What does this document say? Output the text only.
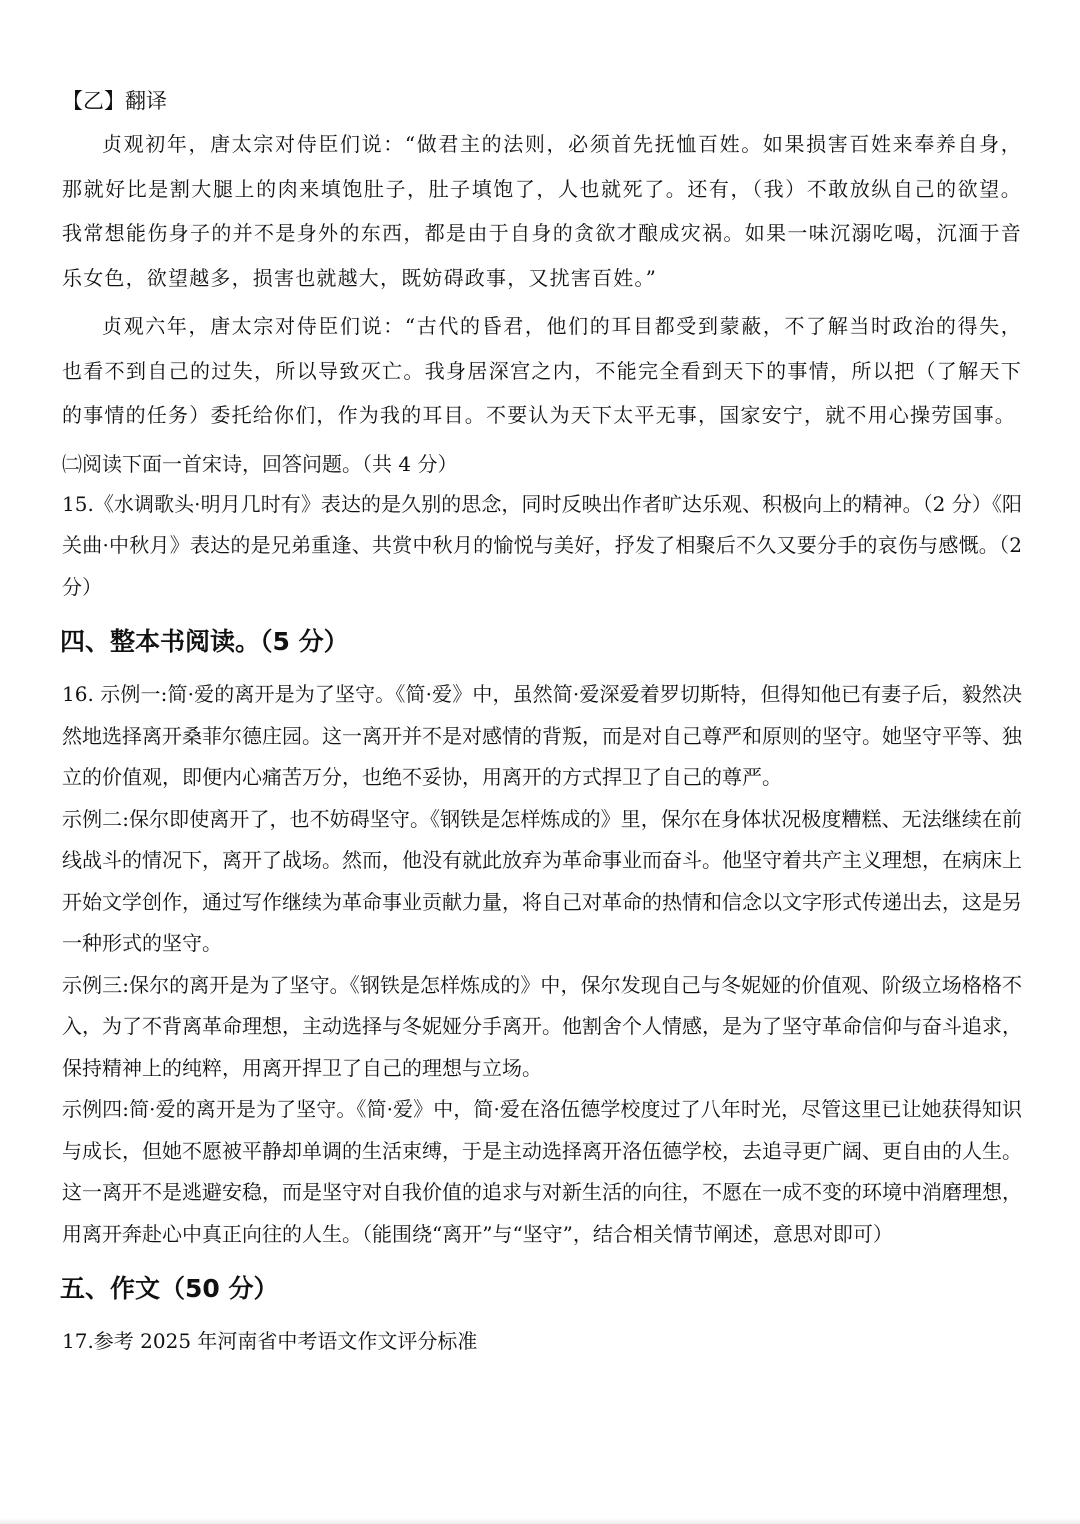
【乙】翻译

贞观初年，唐太宗对侍臣们说：“做君主的法则，必须首先抚恤百姓。如果损害百姓来奉养自身，那就好比是割大腿上的肉来填饱肚子，肚子填饱了，人也就死了。还有，（我）不敢放纵自己的欲望。我常想能伤身子的并不是身外的东西，都是由于自身的贪欲才酿成灾祸。如果一味沉溺吃喝，沉湎于音乐女色，欲望越多，损害也就越大，既妨碍政事，又扰害百姓。”

贞观六年，唐太宗对侍臣们说：“古代的昏君，他们的耳目都受到蒙蔽，不了解当时政治的得失，也看不到自己的过失，所以导致灭亡。我身居深宫之内，不能完全看到天下的事情，所以把（了解天下的事情的任务）委托给你们，作为我的耳目。不要认为天下太平无事，国家安宁，就不用心操劳国事。

㈡阅读下面一首宋诗，回答问题。（共 4 分）

15.《水调歌头·明月几时有》表达的是久别的思念，同时反映出作者旷达乐观、积极向上的精神。（2 分）《阳关曲·中秋月》表达的是兄弟重逢、共赏中秋月的愉悦与美好，抒发了相聚后不久又要分手的哀伤与感慨。（2 分）

四、整本书阅读。（5 分）

16. 示例一:简·爱的离开是为了坚守。《简·爱》中，虽然简·爱深爱着罗切斯特，但得知他已有妻子后，毅然决然地选择离开桑菲尔德庄园。这一离开并不是对感情的背叛，而是对自己尊严和原则的坚守。她坚守平等、独立的价值观，即便内心痛苦万分，也绝不妥协，用离开的方式捍卫了自己的尊严。

示例二:保尔即使离开了，也不妨碍坚守。《钢铁是怎样炼成的》里，保尔在身体状况极度糟糕、无法继续在前线战斗的情况下，离开了战场。然而，他没有就此放弃为革命事业而奋斗。他坚守着共产主义理想，在病床上开始文学创作，通过写作继续为革命事业贡献力量，将自己对革命的热情和信念以文字形式传递出去，这是另一种形式的坚守。

示例三:保尔的离开是为了坚守。《钢铁是怎样炼成的》中，保尔发现自己与冬妮娅的价值观、阶级立场格格不入，为了不背离革命理想，主动选择与冬妮娅分手离开。他割舍个人情感，是为了坚守革命信仰与奋斗追求，保持精神上的纯粹，用离开捍卫了自己的理想与立场。

示例四:简·爱的离开是为了坚守。《简·爱》中，简·爱在洛伍德学校度过了八年时光，尽管这里已让她获得知识与成长，但她不愿被平静却单调的生活束缚，于是主动选择离开洛伍德学校，去追寻更广阔、更自由的人生。这一离开不是逃避安稳，而是坚守对自我价值的追求与对新生活的向往，不愿在一成不变的环境中消磨理想，用离开奔赴心中真正向往的人生。（能围绕“离开”与“坚守”，结合相关情节阐述，意思对即可）

五、作文（50 分）

17.参考 2025 年河南省中考语文作文评分标准
